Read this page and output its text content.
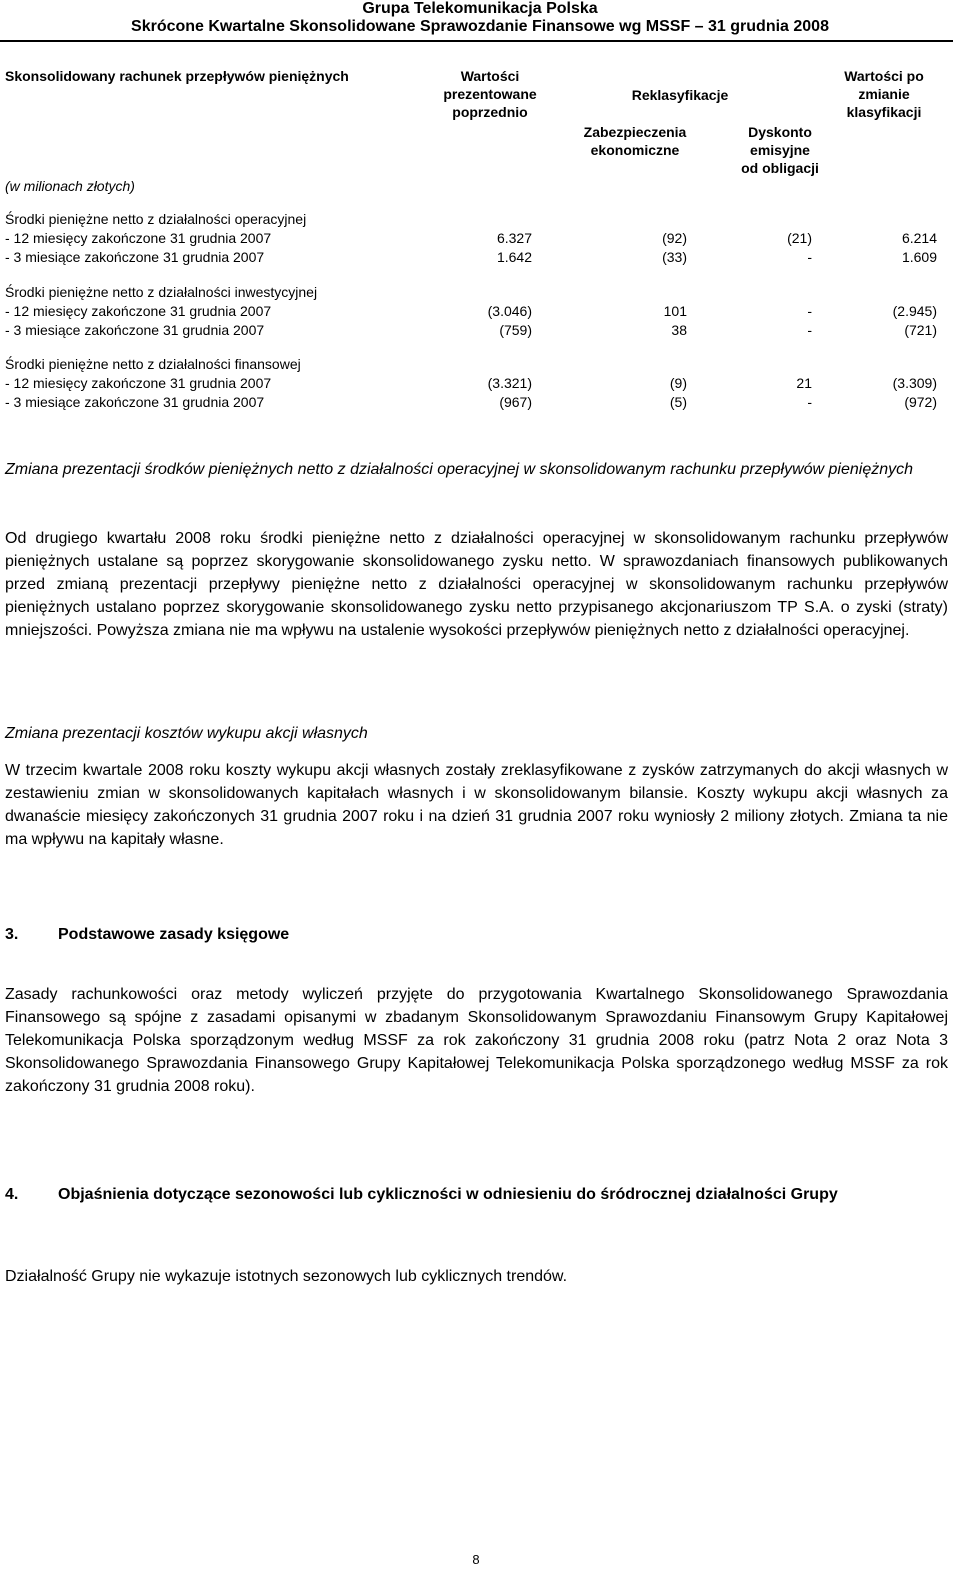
Grupa Telekomunikacja Polska
Skrócone Kwartalne Skonsolidowane Sprawozdanie Finansowe wg MSSF – 31 grudnia 2008
Skonsolidowany rachunek przepływów pieniężnych
(w milionach złotych)
Wartości
prezentowane
poprzednio
Reklasyfikacje
Zabezpieczenia
ekonomiczne
Dyskonto
emisyjne
od obligacji
Wartości po
zmianie
klasyfikacji
Środki pieniężne netto z działalności operacyjnej
- 12 miesięcy zakończone 31 grudnia 2007	6.327	(92)	(21)	6.214
- 3 miesiące zakończone 31 grudnia 2007	1.642	(33)	-	1.609
Środki pieniężne netto z działalności inwestycyjnej
- 12 miesięcy zakończone 31 grudnia 2007	(3.046)	101	-	(2.945)
- 3 miesiące zakończone 31 grudnia 2007	(759)	38	-	(721)
Środki pieniężne netto z działalności finansowej
- 12 miesięcy zakończone 31 grudnia 2007	(3.321)	(9)	21	(3.309)
- 3 miesiące zakończone 31 grudnia 2007	(967)	(5)	-	(972)

Zmiana prezentacji środków pieniężnych netto z działalności operacyjnej w skonsolidowanym rachunku przepływów pieniężnych

Od drugiego kwartału 2008 roku środki pieniężne netto z działalności operacyjnej w skonsolidowanym rachunku przepływów pieniężnych ustalane są poprzez skorygowanie skonsolidowanego zysku netto. W sprawozdaniach finansowych publikowanych przed zmianą prezentacji przepływy pieniężne netto z działalności operacyjnej w skonsolidowanym rachunku przepływów pieniężnych ustalano poprzez skorygowanie skonsolidowanego zysku netto przypisanego akcjonariuszom TP S.A. o zyski (straty) mniejszości. Powyższa zmiana nie ma wpływu na ustalenie wysokości przepływów pieniężnych netto z działalności operacyjnej.

Zmiana prezentacji kosztów wykupu akcji własnych

W trzecim kwartale 2008 roku koszty wykupu akcji własnych zostały zreklasyfikowane z zysków zatrzymanych do akcji własnych w zestawieniu zmian w skonsolidowanych kapitałach własnych i w skonsolidowanym bilansie. Koszty wykupu akcji własnych za dwanaście miesięcy zakończonych 31 grudnia 2007 roku i na dzień 31 grudnia 2007 roku wyniosły 2 miliony złotych. Zmiana ta nie ma wpływu na kapitały własne.

3. Podstawowe zasady księgowe

Zasady rachunkowości oraz metody wyliczeń przyjęte do przygotowania Kwartalnego Skonsolidowanego Sprawozdania Finansowego są spójne z zasadami opisanymi w zbadanym Skonsolidowanym Sprawozdaniu Finansowym Grupy Kapitałowej Telekomunikacja Polska sporządzonym według MSSF za rok zakończony 31 grudnia 2008 roku (patrz Nota 2 oraz Nota 3 Skonsolidowanego Sprawozdania Finansowego Grupy Kapitałowej Telekomunikacja Polska sporządzonego według MSSF za rok zakończony 31 grudnia 2008 roku).

4. Objaśnienia dotyczące sezonowości lub cykliczności w odniesieniu do śródrocznej działalności Grupy

Działalność Grupy nie wykazuje istotnych sezonowych lub cyklicznych trendów.

8
